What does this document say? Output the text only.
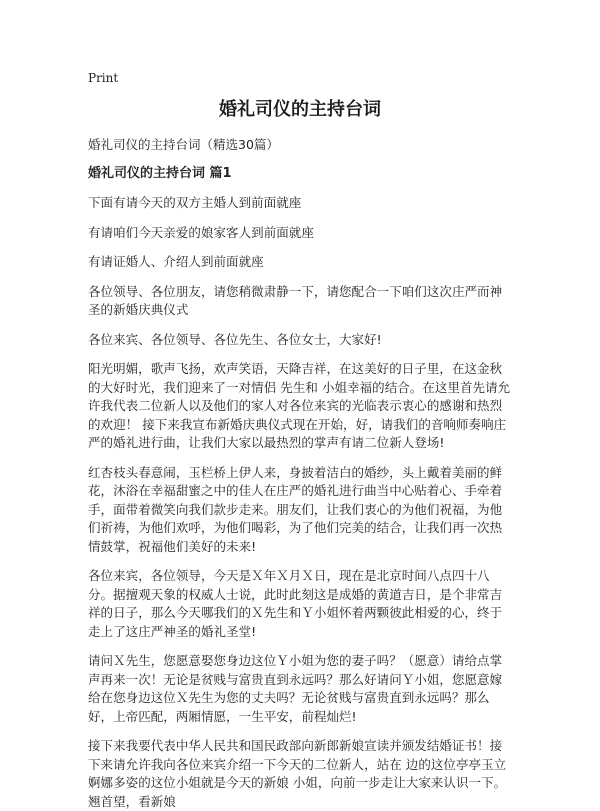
Print
婚礼司仪的主持台词

婚礼司仪的主持台词（精选30篇）

婚礼司仪的主持台词 篇1

下面有请今天的双方主婚人到前面就座

有请咱们今天亲爱的娘家客人到前面就座

有请证婚人、介绍人到前面就座

各位领导、各位朋友，请您稍微肃静一下，请您配合一下咱们这次庄严而神圣的新婚庆典仪式

各位来宾、各位领导、各位先生、各位女士，大家好!

阳光明媚，歌声飞扬，欢声笑语，天降吉祥，在这美好的日子里，在这金秋的大好时光，我们迎来了一对情侣 先生和 小姐幸福的结合。在这里首先请允许我代表二位新人以及他们的家人对各位来宾的光临表示衷心的感谢和热烈的欢迎！ 接下来我宣布新婚庆典仪式现在开始，好，请我们的音响师奏响庄严的婚礼进行曲，让我们大家以最热烈的掌声有请二位新人登场!

红杏枝头春意闹，玉栏桥上伊人来，身披着洁白的婚纱，头上戴着美丽的鲜花，沐浴在幸福甜蜜之中的佳人在庄严的婚礼进行曲当中心贴着心、手牵着手，面带着微笑向我们款步走来。朋友们，让我们衷心的为他们祝福，为他们祈祷，为他们欢呼，为他们喝彩，为了他们完美的结合，让我们再一次热情鼓掌，祝福他们美好的未来!

各位来宾，各位领导，今天是Ｘ年Ｘ月Ｘ日，现在是北京时间八点四十八分。据擅观天象的权威人士说，此时此刻这是成婚的黄道吉日，是个非常吉祥的日子，那么今天哪我们的Ｘ先生和Ｙ小姐怀着两颗彼此相爱的心，终于走上了这庄严神圣的婚礼圣堂!

请问Ｘ先生，您愿意娶您身边这位Ｙ小姐为您的妻子吗？（愿意）请给点掌声再来一次！无论是贫贱与富贵直到永远吗？那么好请问Ｙ小姐，您愿意嫁给在您身边这位Ｘ先生为您的丈夫吗？无论贫贱与富贵直到永远吗？那么好，上帝匹配，两厢情愿，一生平安，前程灿烂!

接下来我要代表中华人民共和国民政部向新郎新娘宣读并颁发结婚证书！接下来请允许我向各位来宾介绍一下今天的二位新人，站在 边的这位亭亭玉立婀娜多姿的这位小姐就是今天的新娘 小姐，向前一步走让大家来认识一下。翘首望，看新娘
